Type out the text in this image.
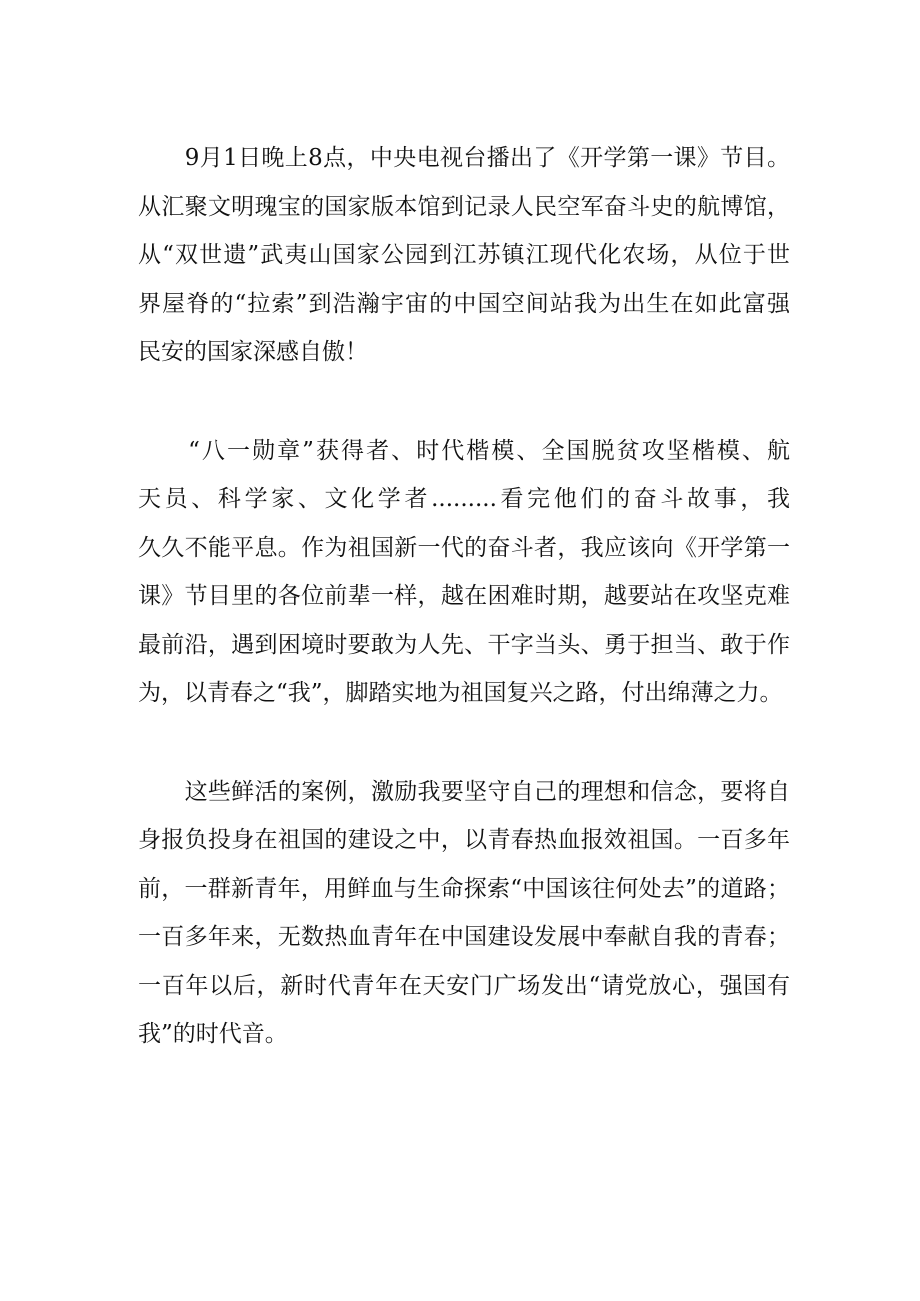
　　9月1日晚上8点，中央电视台播出了《开学第一课》节目。
从汇聚文明瑰宝的国家版本馆到记录人民空军奋斗史的航博馆，
从“双世遗”武夷山国家公园到江苏镇江现代化农场，从位于世
界屋脊的“拉索”到浩瀚宇宙的中国空间站我为出生在如此富强
民安的国家深感自傲！

　　“八一勋章”获得者、时代楷模、全国脱贫攻坚楷模、航
天员、科学家、文化学者.........看完他们的奋斗故事，我
久久不能平息。作为祖国新一代的奋斗者，我应该向《开学第一
课》节目里的各位前辈一样，越在困难时期，越要站在攻坚克难
最前沿，遇到困境时要敢为人先、干字当头、勇于担当、敢于作
为，以青春之“我”，脚踏实地为祖国复兴之路，付出绵薄之力。

　　这些鲜活的案例，激励我要坚守自己的理想和信念，要将自
身报负投身在祖国的建设之中，以青春热血报效祖国。一百多年
前，一群新青年，用鲜血与生命探索“中国该往何处去”的道路；
一百多年来，无数热血青年在中国建设发展中奉献自我的青春；
一百年以后，新时代青年在天安门广场发出“请党放心，强国有
我”的时代音。
